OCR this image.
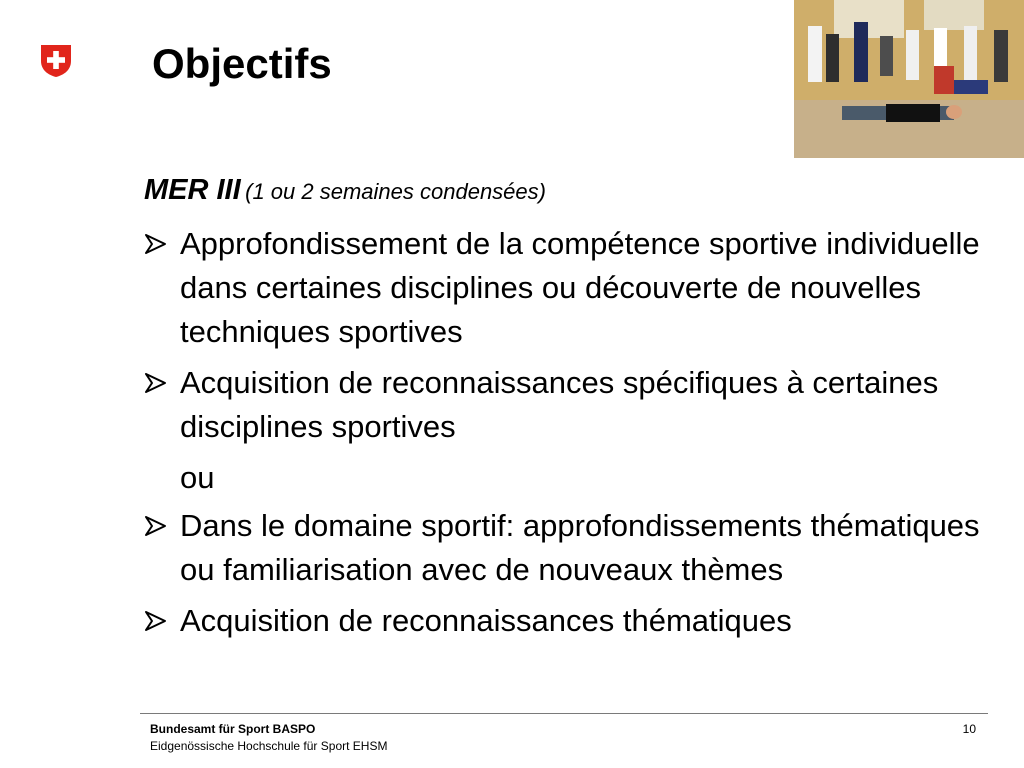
Objectifs
MER III (1 ou 2 semaines condensées)
Approfondissement de la compétence sportive individuelle dans certaines disciplines ou découverte de nouvelles techniques sportives
Acquisition de reconnaissances spécifiques à certaines disciplines sportives
ou
Dans le domaine sportif: approfondissements thématiques ou familiarisation avec de nouveaux thèmes
Acquisition de reconnaissances thématiques
Bundesamt für Sport BASPO
Eidgenössische Hochschule für Sport EHSM
10
